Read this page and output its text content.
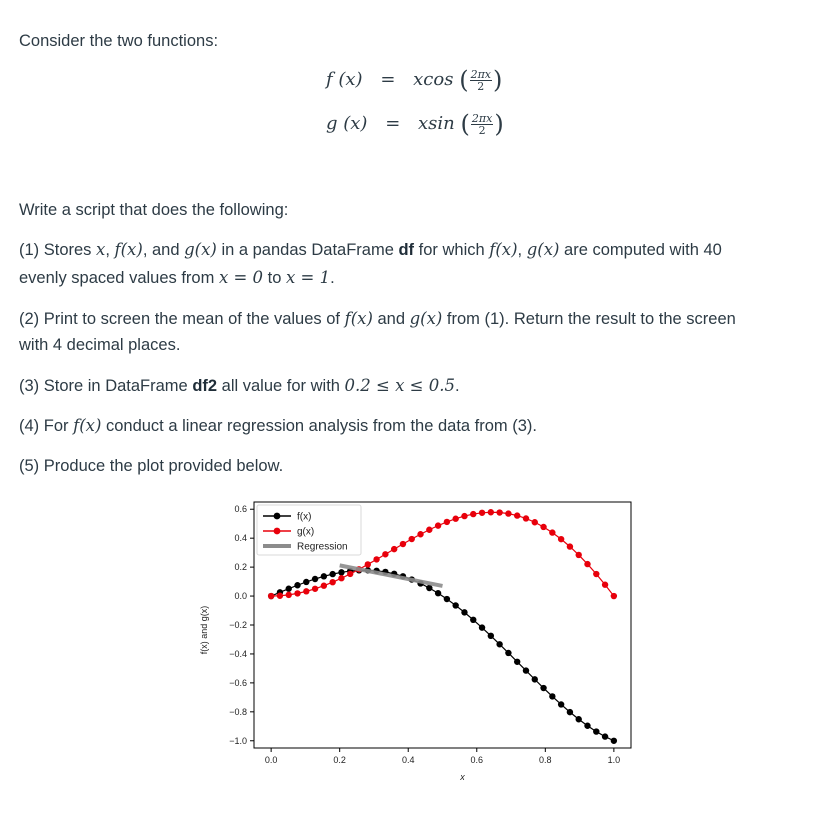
Consider the two functions:
f (x) = xcos ( $\frac{2\pi x}{2}$ )
g (x) = xsin ( $\frac{2\pi x}{2}$ )
Write a script that does the following:
(1) Stores x, f(x), and g(x) in a pandas DataFrame df for which f(x), g(x) are computed with 40
evenly spaced values from x = 0 to x = 1.
(2) Print to screen the mean of the values of f(x) and g(x) from (1). Return the result to the screen
with 4 decimal places.
(3) Store in DataFrame df2 all value for with 0.2 ≤ x ≤ 0.5.
(4) For f(x) conduct a linear regression analysis from the data from (3).
(5) Produce the plot provided below.
0.0	0.2	0.4	0.6	0.8	1.0
0.6
0.4
0.2
0.0
−0.2
−0.4
−0.6
−0.8
−1.0
x
f(x) and g(x)
f(x)
g(x)
Regression
